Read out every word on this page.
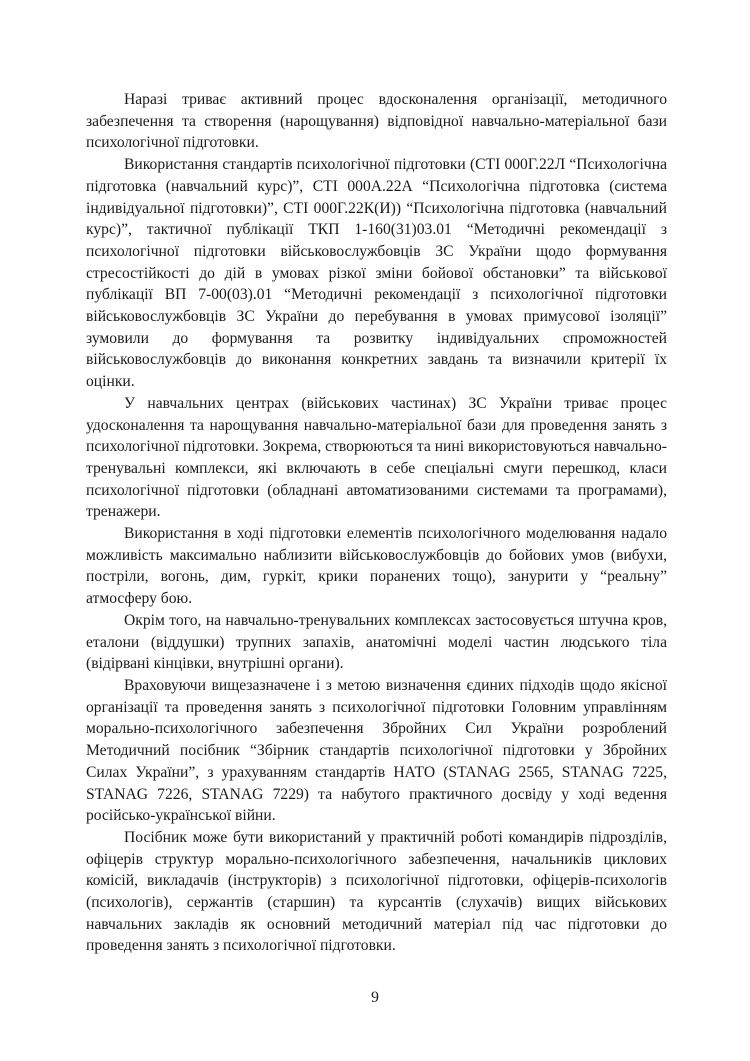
Наразі триває активний процес вдосконалення організації, методичного забезпечення та створення (нарощування) відповідної навчально-матеріальної бази психологічної підготовки.

Використання стандартів психологічної підготовки (СТІ 000Г.22Л “Психологічна підготовка (навчальний курс)”, СТІ 000А.22А “Психологічна підготовка (система індивідуальної підготовки)”, СТІ 000Г.22К(И)) “Психологічна підготовка (навчальний курс)”, тактичної публікації ТКП 1-160(31)03.01 “Методичні рекомендації з психологічної підготовки військовослужбовців ЗС України щодо формування стресостійкості до дій в умовах різкої зміни бойової обстановки” та військової публікації ВП 7-00(03).01 “Методичні рекомендації з психологічної підготовки військовослужбовців ЗС України до перебування в умовах примусової ізоляції” зумовили до формування та розвитку індивідуальних спроможностей військовослужбовців до виконання конкретних завдань та визначили критерії їх оцінки.

У навчальних центрах (військових частинах) ЗС України триває процес удосконалення та нарощування навчально-матеріальної бази для проведення занять з психологічної підготовки. Зокрема, створюються та нині використовуються навчально-тренувальні комплекси, які включають в себе спеціальні смуги перешкод, класи психологічної підготовки (обладнані автоматизованими системами та програмами), тренажери.

Використання в ході підготовки елементів психологічного моделювання надало можливість максимально наблизити військовослужбовців до бойових умов (вибухи, постріли, вогонь, дим, гуркіт, крики поранених тощо), занурити у “реальну” атмосферу бою.

Окрім того, на навчально-тренувальних комплексах застосовується штучна кров, еталони (віддушки) трупних запахів, анатомічні моделі частин людського тіла (відірвані кінцівки, внутрішні органи).

Враховуючи вищезазначене і з метою визначення єдиних підходів щодо якісної організації та проведення занять з психологічної підготовки Головним управлінням морально-психологічного забезпечення Збройних Сил України розроблений Методичний посібник “Збірник стандартів психологічної підготовки у Збройних Силах України”, з урахуванням стандартів НАТО (STANAG 2565, STANAG 7225, STANAG 7226, STANAG 7229) та набутого практичного досвіду у ході ведення російсько-української війни.

Посібник може бути використаний у практичній роботі командирів підрозділів, офіцерів структур морально-психологічного забезпечення, начальників циклових комісій, викладачів (інструкторів) з психологічної підготовки, офіцерів-психологів (психологів), сержантів (старшин) та курсантів (слухачів) вищих військових навчальних закладів як основний методичний матеріал під час підготовки до проведення занять з психологічної підготовки.

9
